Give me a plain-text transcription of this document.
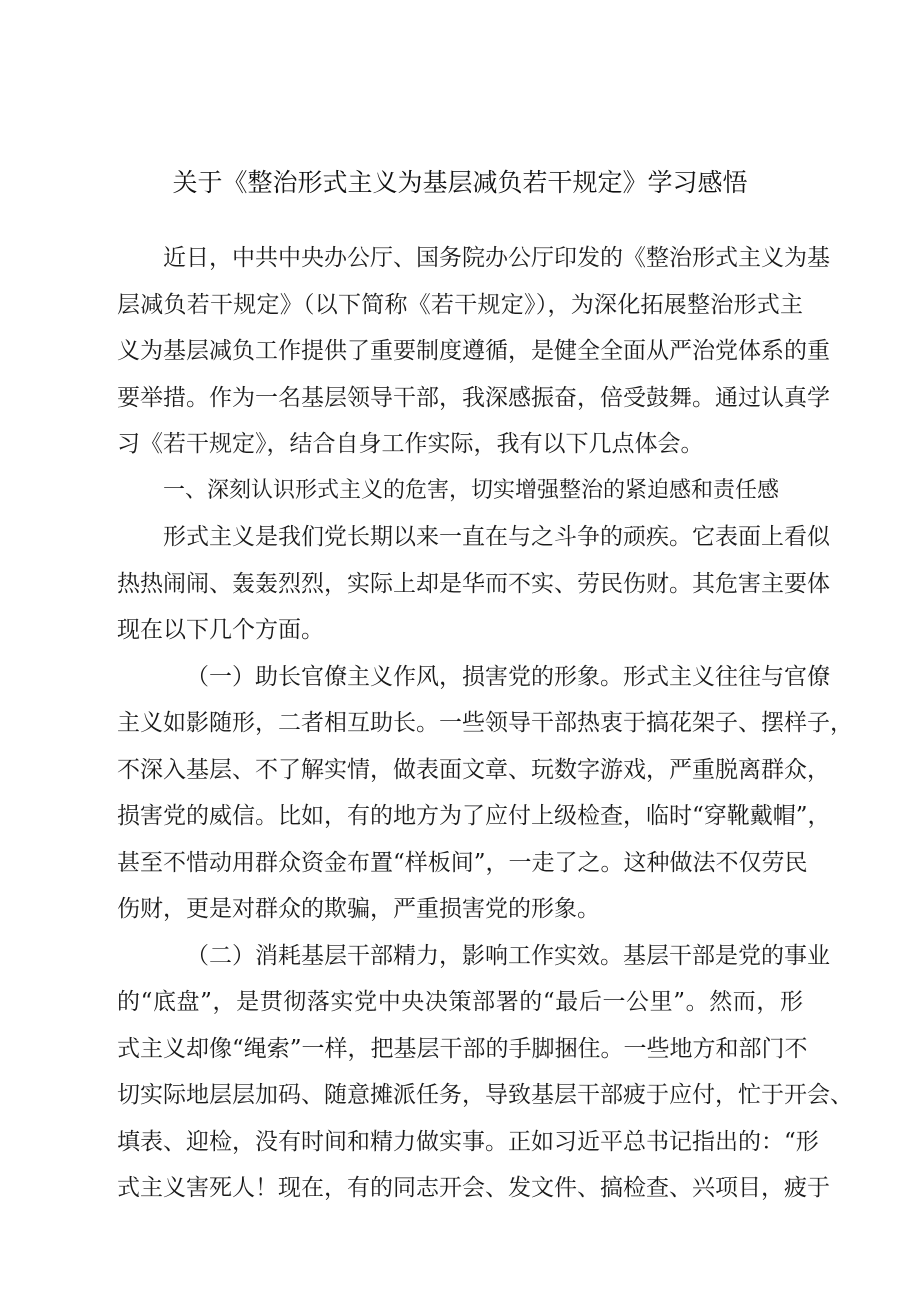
关于《整治形式主义为基层减负若干规定》学习感悟
近日，中共中央办公厅、国务院办公厅印发的《整治形式主义为基
层减负若干规定》（以下简称《若干规定》），为深化拓展整治形式主
义为基层减负工作提供了重要制度遵循，是健全全面从严治党体系的重
要举措。作为一名基层领导干部，我深感振奋，倍受鼓舞。通过认真学
习《若干规定》，结合自身工作实际，我有以下几点体会。
一、深刻认识形式主义的危害，切实增强整治的紧迫感和责任感
形式主义是我们党长期以来一直在与之斗争的顽疾。它表面上看似
热热闹闹、轰轰烈烈，实际上却是华而不实、劳民伤财。其危害主要体
现在以下几个方面。
（一）助长官僚主义作风，损害党的形象。形式主义往往与官僚
主义如影随形，二者相互助长。一些领导干部热衷于搞花架子、摆样子，
不深入基层、不了解实情，做表面文章、玩数字游戏，严重脱离群众，
损害党的威信。比如，有的地方为了应付上级检查，临时“穿靴戴帽”，
甚至不惜动用群众资金布置“样板间”，一走了之。这种做法不仅劳民
伤财，更是对群众的欺骗，严重损害党的形象。
（二）消耗基层干部精力，影响工作实效。基层干部是党的事业
的“底盘”，是贯彻落实党中央决策部署的“最后一公里”。然而，形
式主义却像“绳索”一样，把基层干部的手脚捆住。一些地方和部门不
切实际地层层加码、随意摊派任务，导致基层干部疲于应付，忙于开会、
填表、迎检，没有时间和精力做实事。正如习近平总书记指出的：“形
式主义害死人！现在，有的同志开会、发文件、搞检查、兴项目，疲于
